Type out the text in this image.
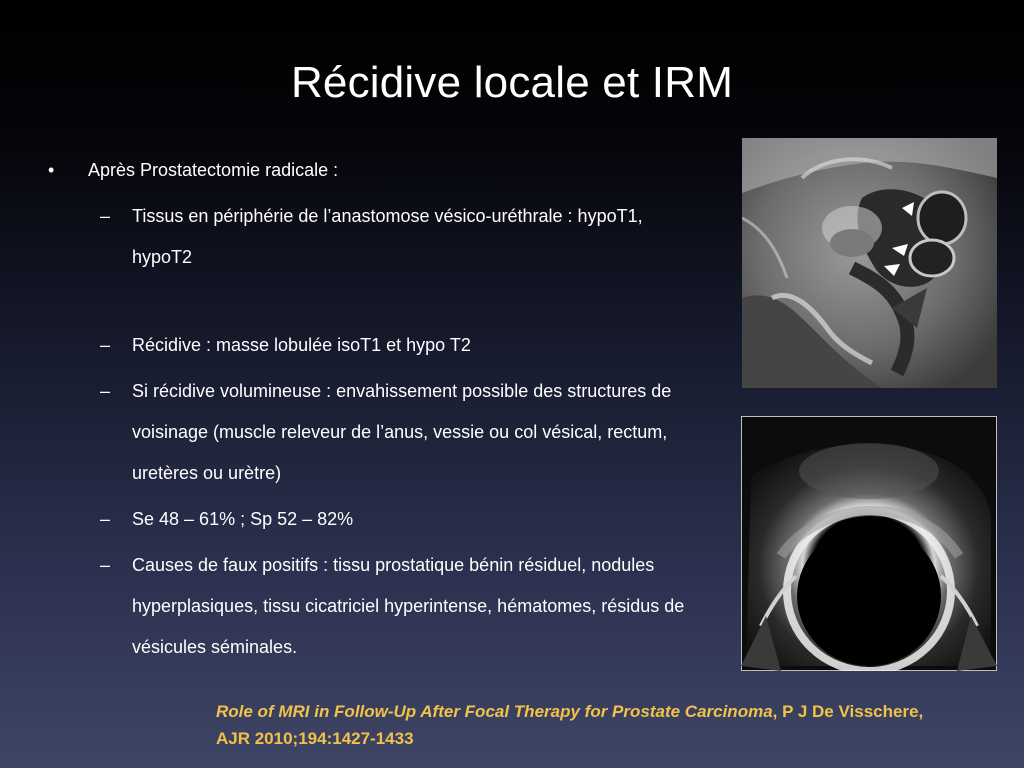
Récidive locale et IRM
• Après Prostatectomie radicale :
– Tissus en périphérie de l’anastomose vésico-uréthrale : hypoT1, hypoT2
– Récidive : masse lobulée isoT1 et hypo T2
– Si récidive volumineuse : envahissement possible des structures de voisinage (muscle releveur de l’anus, vessie ou col vésical, rectum, uretères ou urètre)
– Se 48 – 61% ; Sp 52 – 82%
– Causes de faux positifs : tissu prostatique bénin résiduel, nodules hyperplasiques, tissu cicatriciel hyperintense, hématomes, résidus de vésicules séminales.
Role of MRI in Follow-Up After Focal Therapy for Prostate Carcinoma, P J De Visschere, AJR 2010;194:1427-1433
